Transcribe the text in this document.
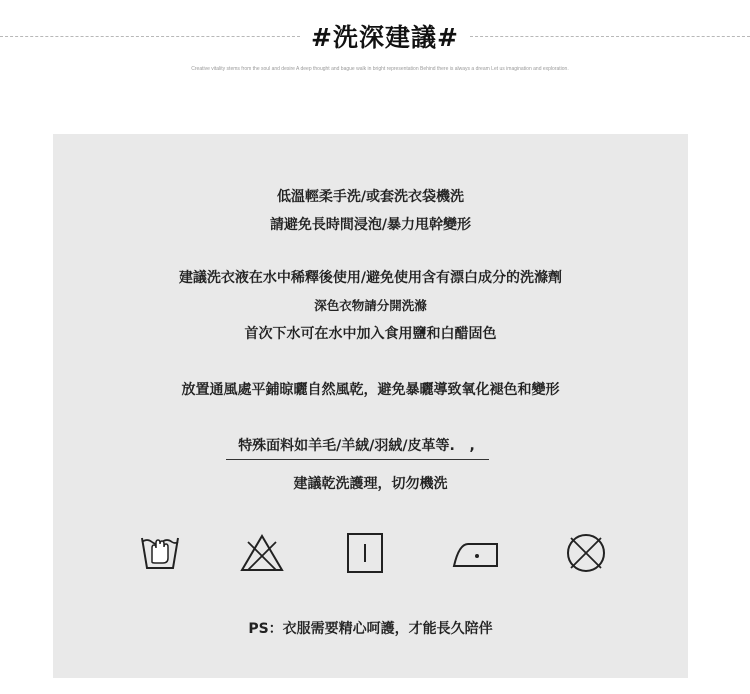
#洗深建議#
Creative vitality stems from the soul and desire A deep thought and bague walk in bright representation Behind there is always a dream Let us imagination and exploration.
低溫輕柔手洗/或套洗衣袋機洗
請避免長時間浸泡/暴力甩幹變形
建議洗衣液在水中稀釋後使用/避免使用含有漂白成分的洗滌劑
深色衣物請分開洗滌
首次下水可在水中加入食用鹽和白醋固色
放置通風處平鋪晾曬自然風乾，避免暴曬導致氧化褪色和變形
特殊面料如羊毛/羊絨/羽絨/皮革等.   ,
建議乾洗護理，切勿機洗
PS：衣服需要精心呵護，才能長久陪伴
